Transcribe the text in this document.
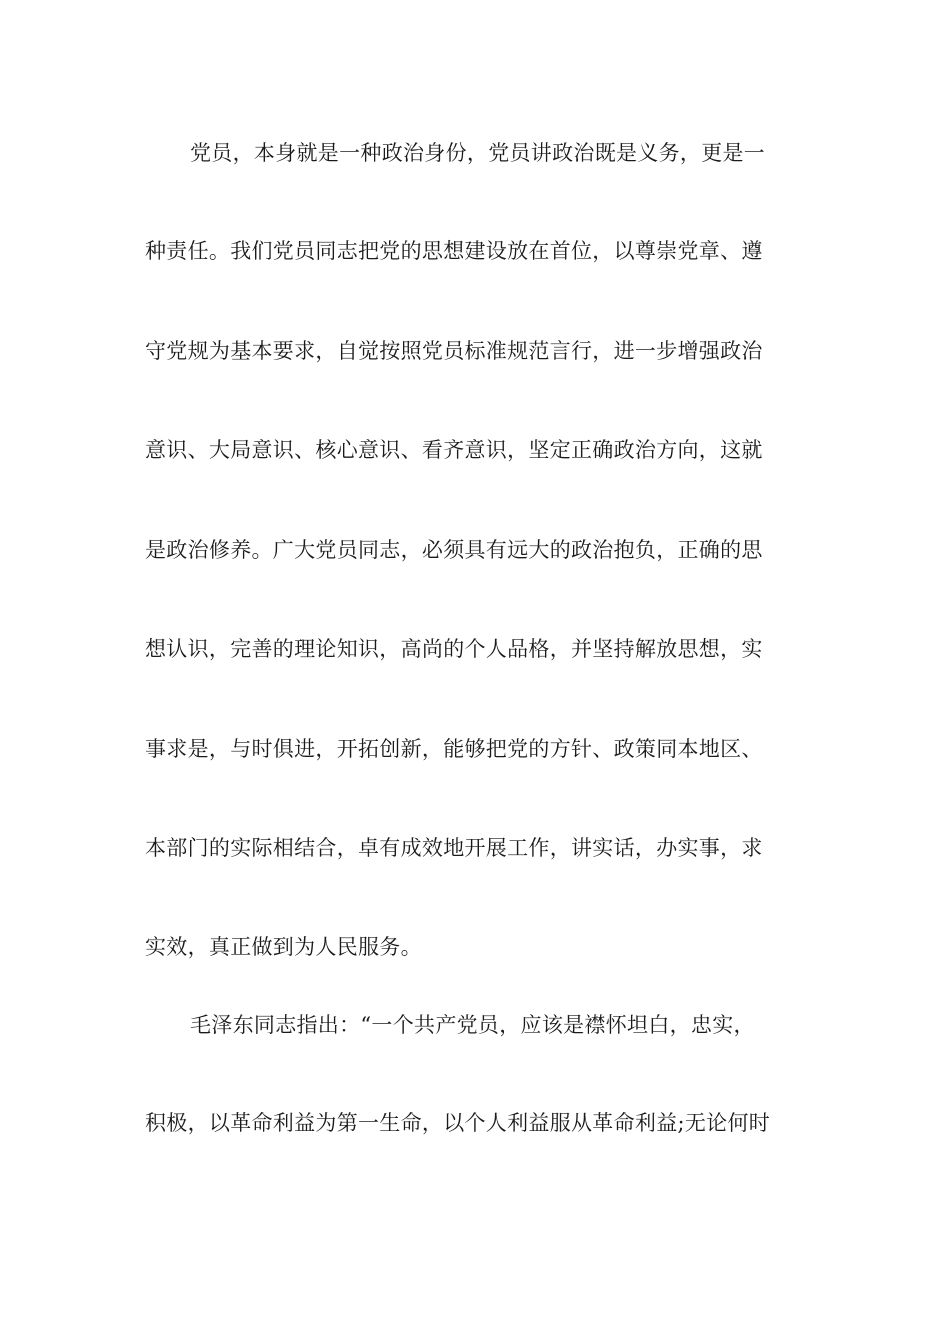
党员，本身就是一种政治身份，党员讲政治既是义务，更是一
种责任。我们党员同志把党的思想建设放在首位，以尊崇党章、遵
守党规为基本要求，自觉按照党员标准规范言行，进一步增强政治
意识、大局意识、核心意识、看齐意识，坚定正确政治方向，这就
是政治修养。广大党员同志，必须具有远大的政治抱负，正确的思
想认识，完善的理论知识，高尚的个人品格，并坚持解放思想，实
事求是，与时俱进，开拓创新，能够把党的方针、政策同本地区、
本部门的实际相结合，卓有成效地开展工作，讲实话，办实事，求
实效，真正做到为人民服务。
毛泽东同志指出：“一个共产党员，应该是襟怀坦白，忠实，
积极，以革命利益为第一生命，以个人利益服从革命利益;无论何时
